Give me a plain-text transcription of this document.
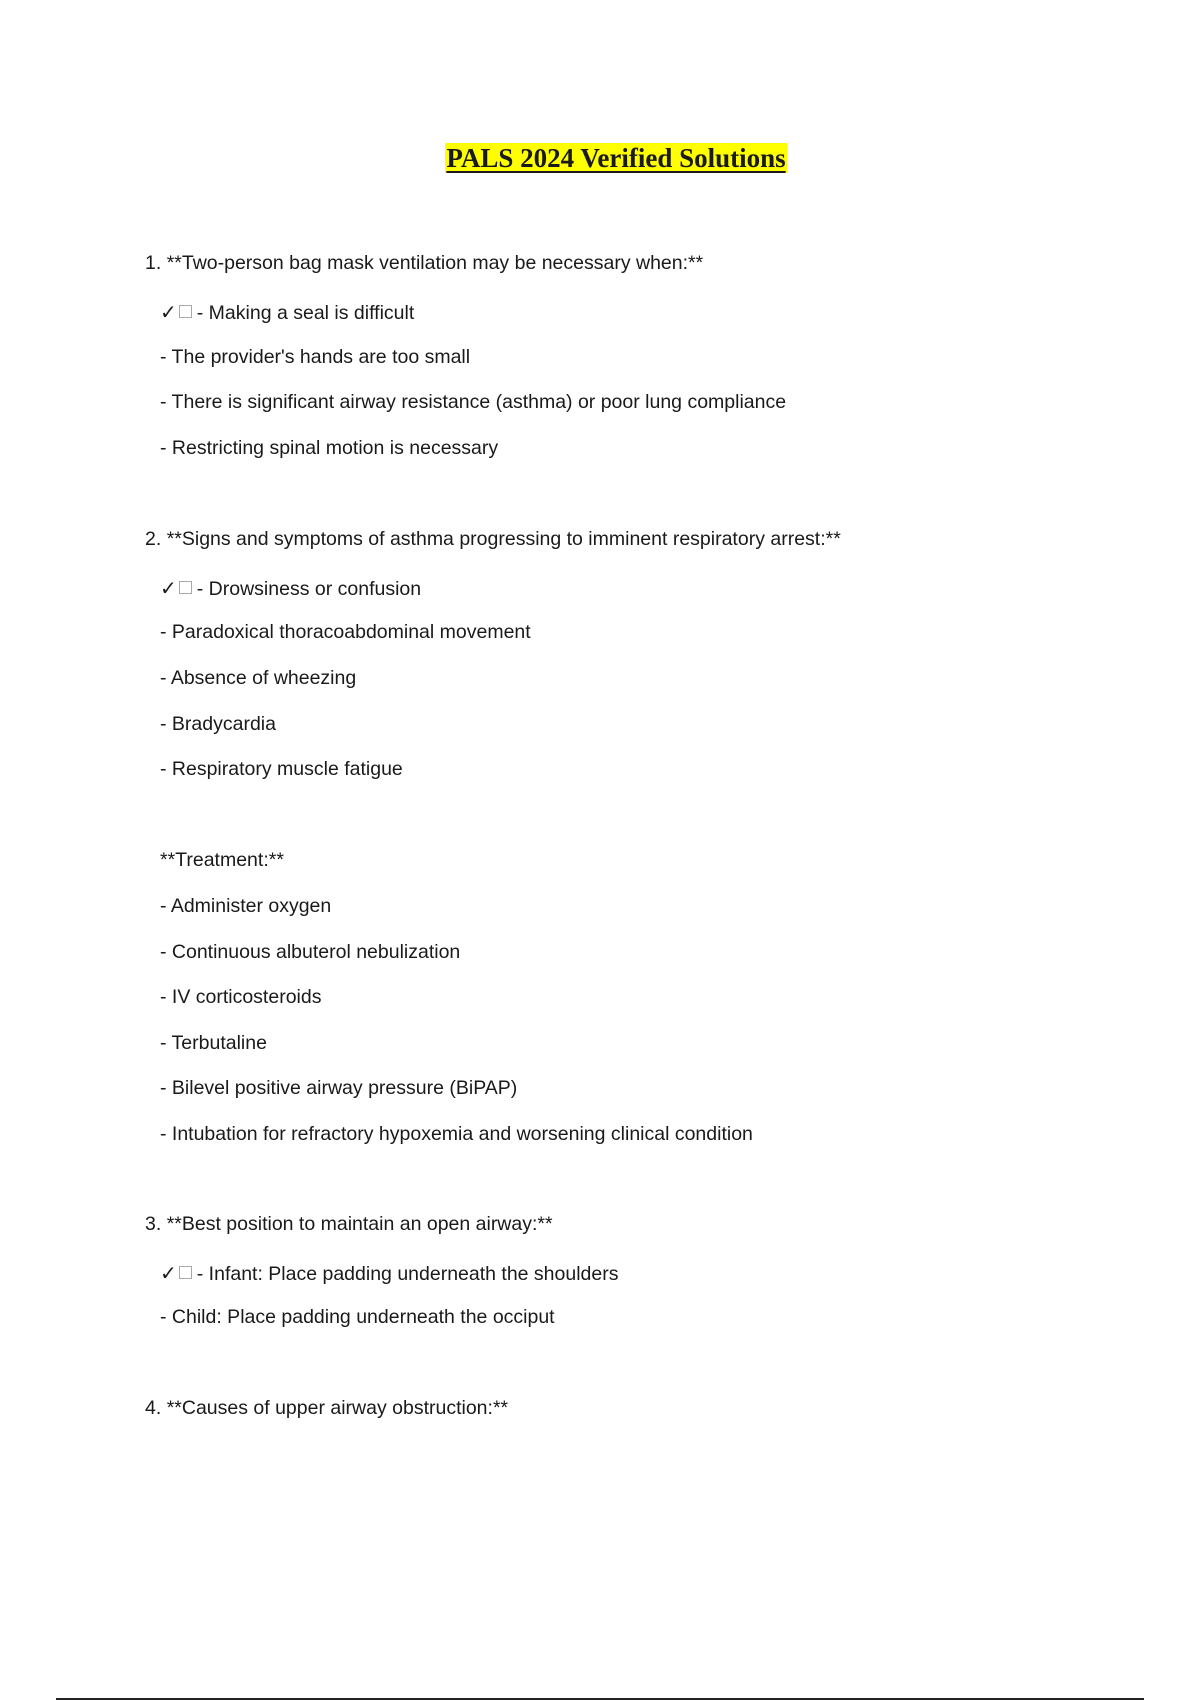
PALS 2024 Verified Solutions
1. **Two-person bag mask ventilation may be necessary when:**
✓ - Making a seal is difficult
- The provider's hands are too small
- There is significant airway resistance (asthma) or poor lung compliance
- Restricting spinal motion is necessary
2. **Signs and symptoms of asthma progressing to imminent respiratory arrest:**
✓ - Drowsiness or confusion
- Paradoxical thoracoabdominal movement
- Absence of wheezing
- Bradycardia
- Respiratory muscle fatigue
**Treatment:**
- Administer oxygen
- Continuous albuterol nebulization
- IV corticosteroids
- Terbutaline
- Bilevel positive airway pressure (BiPAP)
- Intubation for refractory hypoxemia and worsening clinical condition
3. **Best position to maintain an open airway:**
✓ - Infant: Place padding underneath the shoulders
- Child: Place padding underneath the occiput
4. **Causes of upper airway obstruction:**
